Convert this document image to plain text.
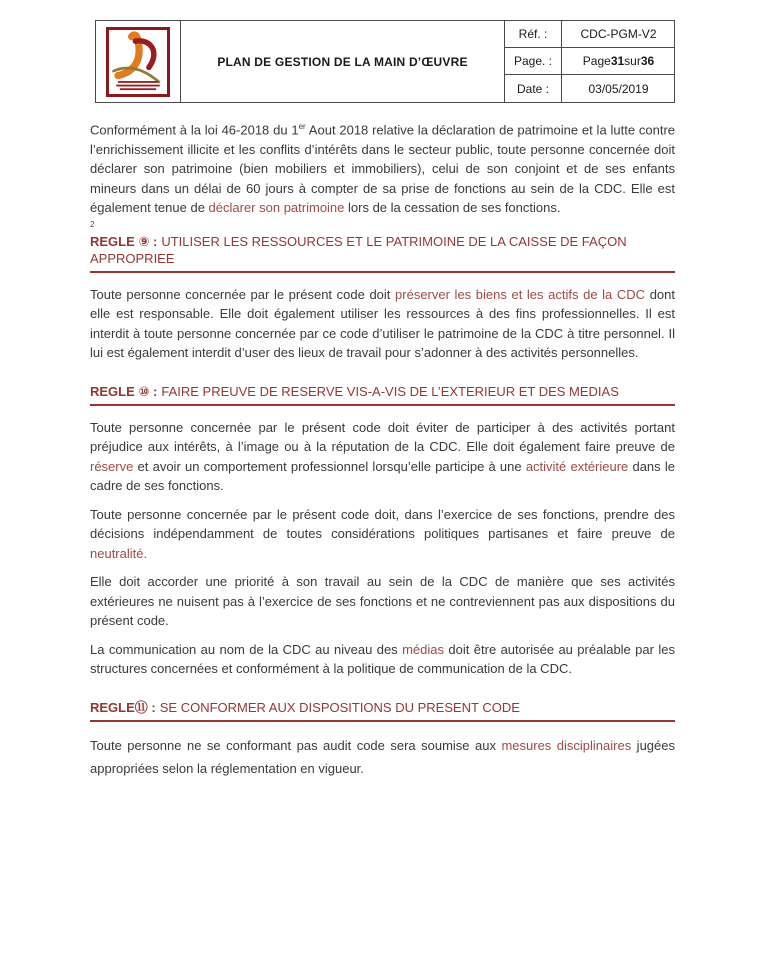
PLAN DE GESTION DE LA MAIN D’ŒUVRE
Réf. :	CDC-PGM-V2
Page. :	Page 31 sur 36
Date :	03/05/2019

Conformément à la loi 46-2018 du 1er Aout 2018 relative la déclaration de patrimoine et la lutte contre l’enrichissement illicite et les conflits d’intérêts dans le secteur public, toute personne concernée doit déclarer son patrimoine (bien mobiliers et immobiliers), celui de son conjoint et de ses enfants mineurs dans un délai de 60 jours à compter de sa prise de fonctions au sein de la CDC. Elle est également tenue de déclarer son patrimoine lors de la cessation de ses fonctions.

2
REGLE ⑨ : UTILISER LES RESSOURCES ET LE PATRIMOINE DE LA CAISSE DE FAÇON APPROPRIEE

Toute personne concernée par le présent code doit préserver les biens et les actifs de la CDC dont elle est responsable. Elle doit également utiliser les ressources à des fins professionnelles. Il est interdit à toute personne concernée par ce code d’utiliser le patrimoine de la CDC à titre personnel. Il lui est également interdit d’user des lieux de travail pour s’adonner à des activités personnelles.

REGLE ⑩ : FAIRE PREUVE DE RESERVE VIS-A-VIS DE L’EXTERIEUR ET DES MEDIAS

Toute personne concernée par le présent code doit éviter de participer à des activités portant préjudice aux intérêts, à l’image ou à la réputation de la CDC. Elle doit également faire preuve de réserve et avoir un comportement professionnel lorsqu’elle participe à une activité extérieure dans le cadre de ses fonctions.

Toute personne concernée par le présent code doit, dans l’exercice de ses fonctions, prendre des décisions indépendamment de toutes considérations politiques partisanes et faire preuve de neutralité.

Elle doit accorder une priorité à son travail au sein de la CDC de manière que ses activités extérieures ne nuisent pas à l’exercice de ses fonctions et ne contreviennent pas aux dispositions du présent code.

La communication au nom de la CDC au niveau des médias doit être autorisée au préalable par les structures concernées et conformément à la politique de communication de la CDC.

REGLE⑪ : SE CONFORMER AUX DISPOSITIONS DU PRESENT CODE

Toute personne ne se conformant pas audit code sera soumise aux mesures disciplinaires jugées appropriées selon la réglementation en vigueur.
